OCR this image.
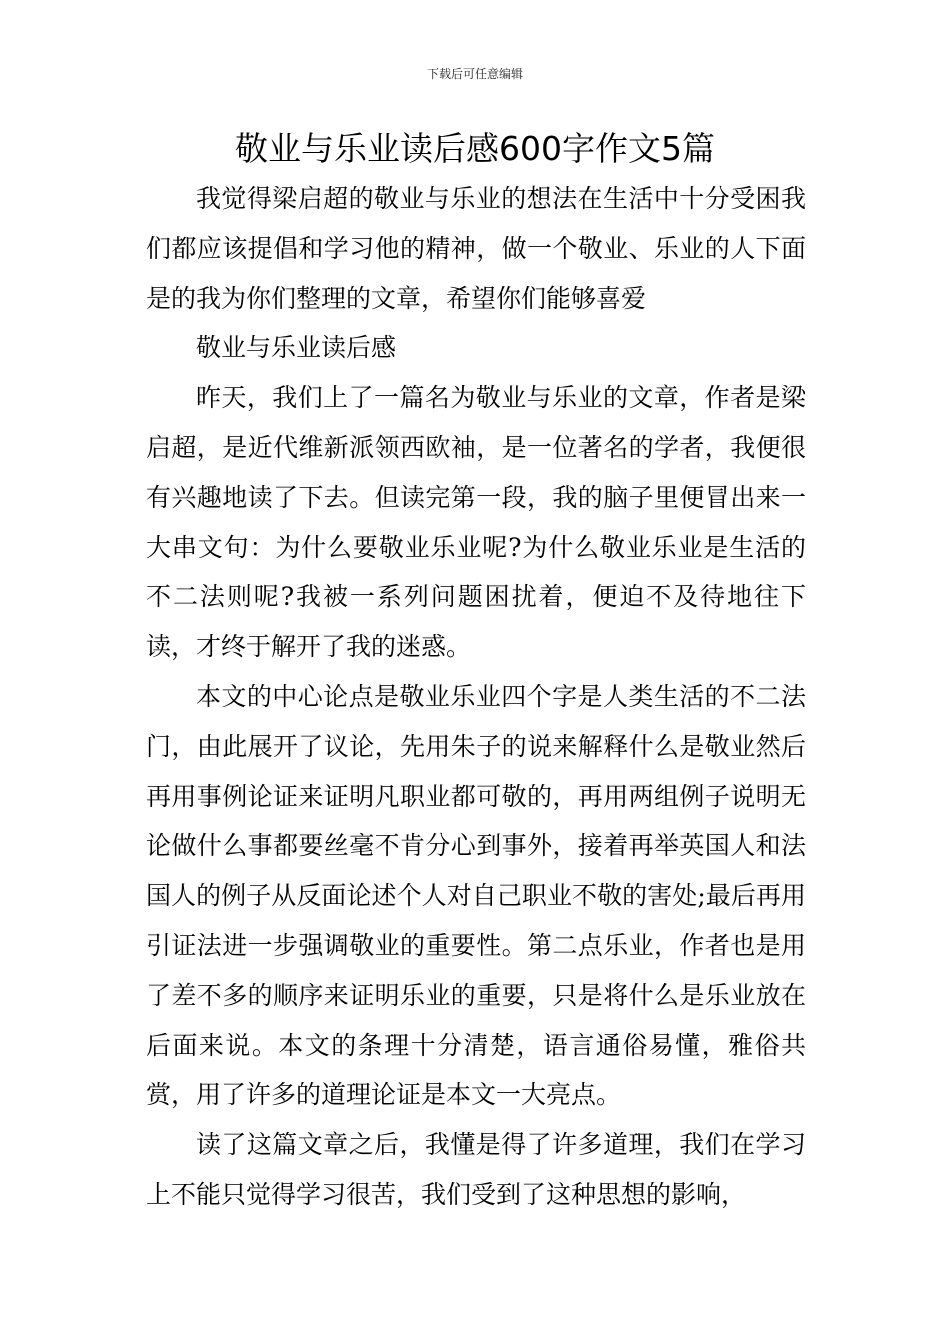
下载后可任意编辑
敬业与乐业读后感600字作文5篇

我觉得梁启超的敬业与乐业的想法在生活中十分受困我们都应该提倡和学习他的精神，做一个敬业、乐业的人下面是的我为你们整理的文章，希望你们能够喜爱

敬业与乐业读后感

昨天，我们上了一篇名为敬业与乐业的文章，作者是梁启超，是近代维新派领西欧袖，是一位著名的学者，我便很有兴趣地读了下去。但读完第一段，我的脑子里便冒出来一大串文句：为什么要敬业乐业呢?为什么敬业乐业是生活的不二法则呢?我被一系列问题困扰着，便迫不及待地往下读，才终于解开了我的迷惑。

本文的中心论点是敬业乐业四个字是人类生活的不二法门，由此展开了议论，先用朱子的说来解释什么是敬业然后再用事例论证来证明凡职业都可敬的，再用两组例子说明无论做什么事都要丝毫不肯分心到事外，接着再举英国人和法国人的例子从反面论述个人对自己职业不敬的害处;最后再用引证法进一步强调敬业的重要性。第二点乐业，作者也是用了差不多的顺序来证明乐业的重要，只是将什么是乐业放在后面来说。本文的条理十分清楚，语言通俗易懂，雅俗共赏，用了许多的道理论证是本文一大亮点。

读了这篇文章之后，我懂是得了许多道理，我们在学习上不能只觉得学习很苦，我们受到了这种思想的影响，
